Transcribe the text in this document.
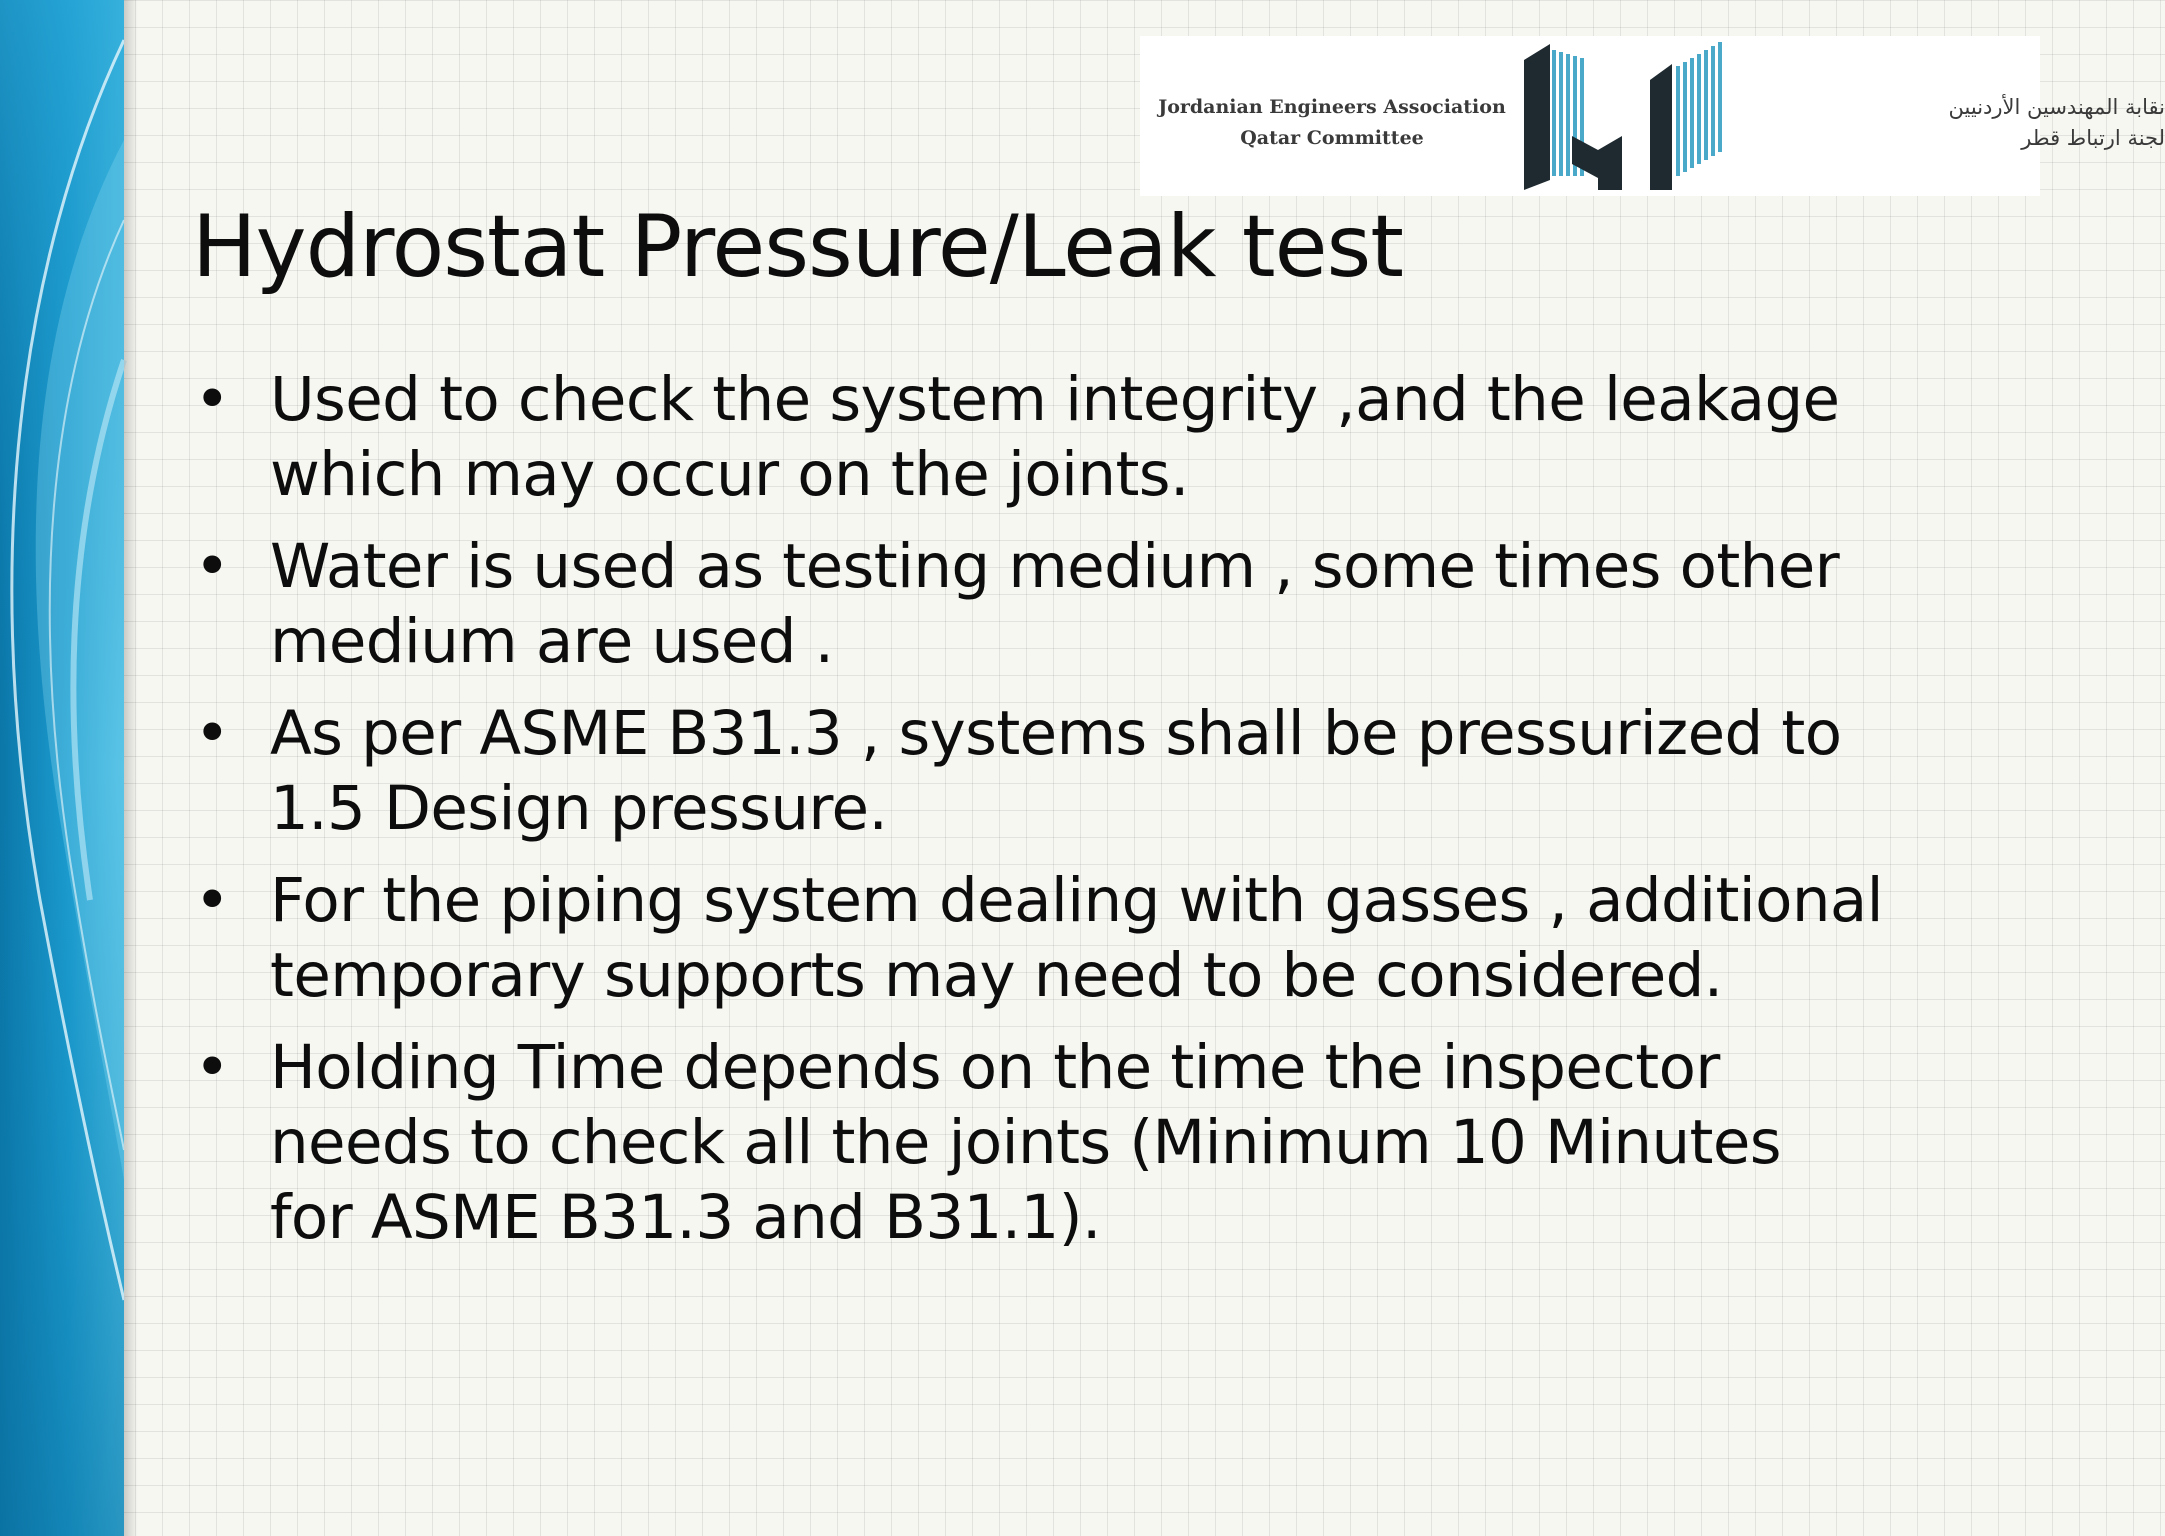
Jordanian Engineers Association
Qatar Committee
نقابة المهندسين الأردنيين
لجنة ارتباط قطر
Hydrostat Pressure/Leak test
• Used to check the system integrity ,and the leakage
which may occur on the joints.
• Water is used as testing medium , some times other
medium are used .
• As per ASME B31.3 , systems shall be pressurized to
1.5 Design pressure.
• For the piping system dealing with gasses , additional
temporary supports may need to be considered.
• Holding Time depends on the time the inspector
needs to check all the joints (Minimum 10 Minutes
for ASME B31.3 and B31.1).
